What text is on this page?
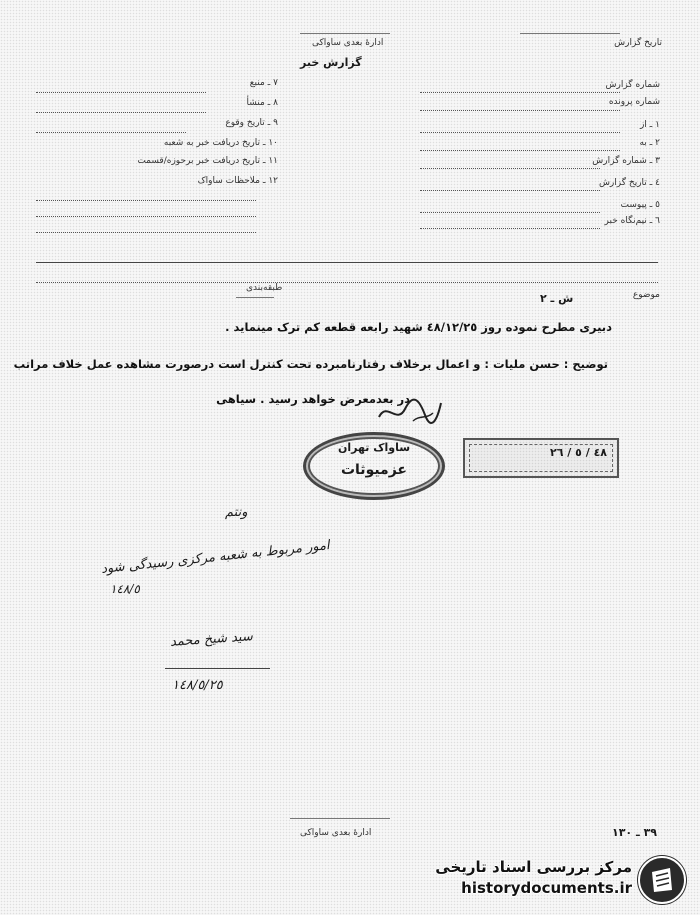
تاریخ گزارش
ادارهٔ بعدی ساواکی
گزارش خبر
شماره گزارش
شماره پرونده
١ ـ از
٢ ـ به
٣ ـ شماره گزارش
٤ ـ تاریخ گزارش
٥ ـ پیوست
٦ ـ نیم‌نگاه خبر
٧ ـ منبع
٨ ـ منشأ
٩ ـ تاریخ وقوع
١٠ ـ تاریخ دریافت خبر به شعبه
١١ ـ تاریخ دریافت خبر برحوزه/قسمت
١٢ ـ ملاحظات ساواک
موضوع
ش ـ ٢
طبقه‌بندی
دبیری مطرح نموده روز ٤٨/١٢/٢٥ شهید رابعه قطعه کم ترک مینماید .
توضیح : حسن ملیات : و اعمال برخلاف رفتارنامبرده تحت کنترل است درصورت مشاهده عمل خلاف مراتب
در بعدمعرض خواهد رسید . سیاهی
ساواک تهران
عزمیوثات
٤٨ / ٥ / ٢٦
ونتم
امور مربوط به شعبه مرکزی رسیدگی شود
١٤٨/٥
سید شیخ محمد
١٤٨/٥/٢٥
ادارهٔ بعدی ساواکی	٣٩ ـ ١٣٠
مرکز بررسی اسناد تاریخی
historydocuments.ir
